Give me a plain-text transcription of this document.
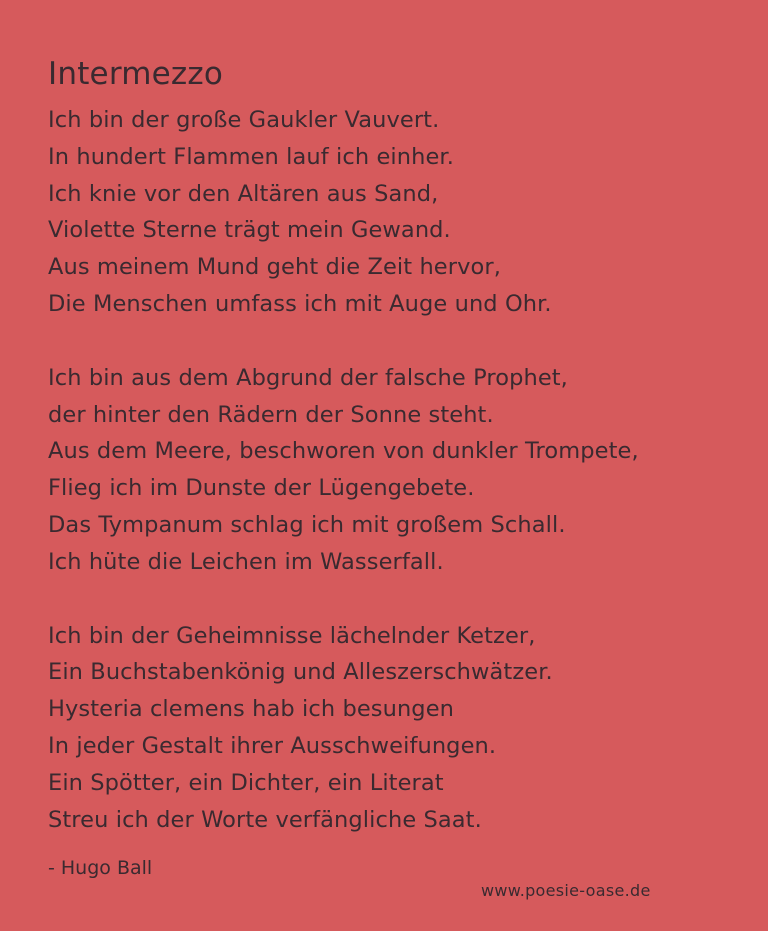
Intermezzo
Ich bin der große Gaukler Vauvert.
In hundert Flammen lauf ich einher.
Ich knie vor den Altären aus Sand,
Violette Sterne trägt mein Gewand.
Aus meinem Mund geht die Zeit hervor,
Die Menschen umfass ich mit Auge und Ohr.
Ich bin aus dem Abgrund der falsche Prophet,
der hinter den Rädern der Sonne steht.
Aus dem Meere, beschworen von dunkler Trompete,
Flieg ich im Dunste der Lügengebete.
Das Tympanum schlag ich mit großem Schall.
Ich hüte die Leichen im Wasserfall.
Ich bin der Geheimnisse lächelnder Ketzer,
Ein Buchstabenkönig und Alleszerschwätzer.
Hysteria clemens hab ich besungen
In jeder Gestalt ihrer Ausschweifungen.
Ein Spötter, ein Dichter, ein Literat
Streu ich der Worte verfängliche Saat.
- Hugo Ball
www.poesie-oase.de
